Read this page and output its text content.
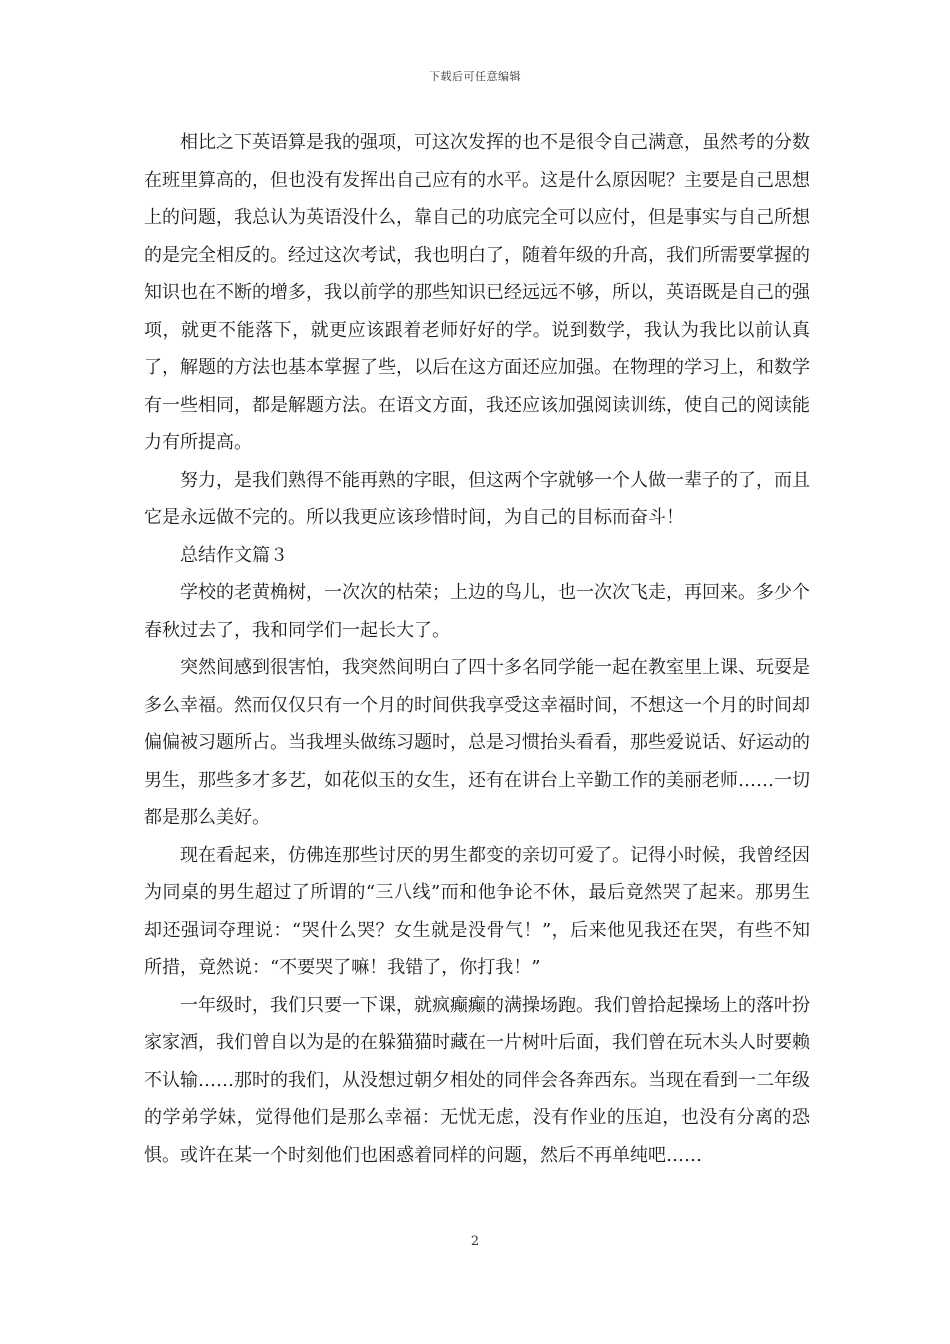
下载后可任意编辑

相比之下英语算是我的强项，可这次发挥的也不是很令自己满意，虽然考的分数在班里算高的，但也没有发挥出自己应有的水平。这是什么原因呢？主要是自己思想上的问题，我总认为英语没什么，靠自己的功底完全可以应付，但是事实与自己所想的是完全相反的。经过这次考试，我也明白了，随着年级的升高，我们所需要掌握的知识也在不断的增多，我以前学的那些知识已经远远不够，所以，英语既是自己的强项，就更不能落下，就更应该跟着老师好好的学。说到数学，我认为我比以前认真了，解题的方法也基本掌握了些，以后在这方面还应加强。在物理的学习上，和数学有一些相同，都是解题方法。在语文方面，我还应该加强阅读训练，使自己的阅读能力有所提高。

努力，是我们熟得不能再熟的字眼，但这两个字就够一个人做一辈子的了，而且它是永远做不完的。所以我更应该珍惜时间，为自己的目标而奋斗！

总结作文篇３

学校的老黄桷树，一次次的枯荣；上边的鸟儿，也一次次飞走，再回来。多少个春秋过去了，我和同学们一起长大了。

突然间感到很害怕，我突然间明白了四十多名同学能一起在教室里上课、玩耍是多么幸福。然而仅仅只有一个月的时间供我享受这幸福时间，不想这一个月的时间却偏偏被习题所占。当我埋头做练习题时，总是习惯抬头看看，那些爱说话、好运动的男生，那些多才多艺，如花似玉的女生，还有在讲台上辛勤工作的美丽老师……一切都是那么美好。

现在看起来，仿佛连那些讨厌的男生都变的亲切可爱了。记得小时候，我曾经因为同桌的男生超过了所谓的“三八线”而和他争论不休，最后竟然哭了起来。那男生却还强词夺理说：“哭什么哭？女生就是没骨气！”，后来他见我还在哭，有些不知所措，竟然说：“不要哭了嘛！我错了，你打我！”

一年级时，我们只要一下课，就疯癫癫的满操场跑。我们曾拾起操场上的落叶扮家家酒，我们曾自以为是的在躲猫猫时藏在一片树叶后面，我们曾在玩木头人时要赖不认输……那时的我们，从没想过朝夕相处的同伴会各奔西东。当现在看到一二年级的学弟学妹，觉得他们是那么幸福：无忧无虑，没有作业的压迫，也没有分离的恐惧。或许在某一个时刻他们也困惑着同样的问题，然后不再单纯吧……

2
